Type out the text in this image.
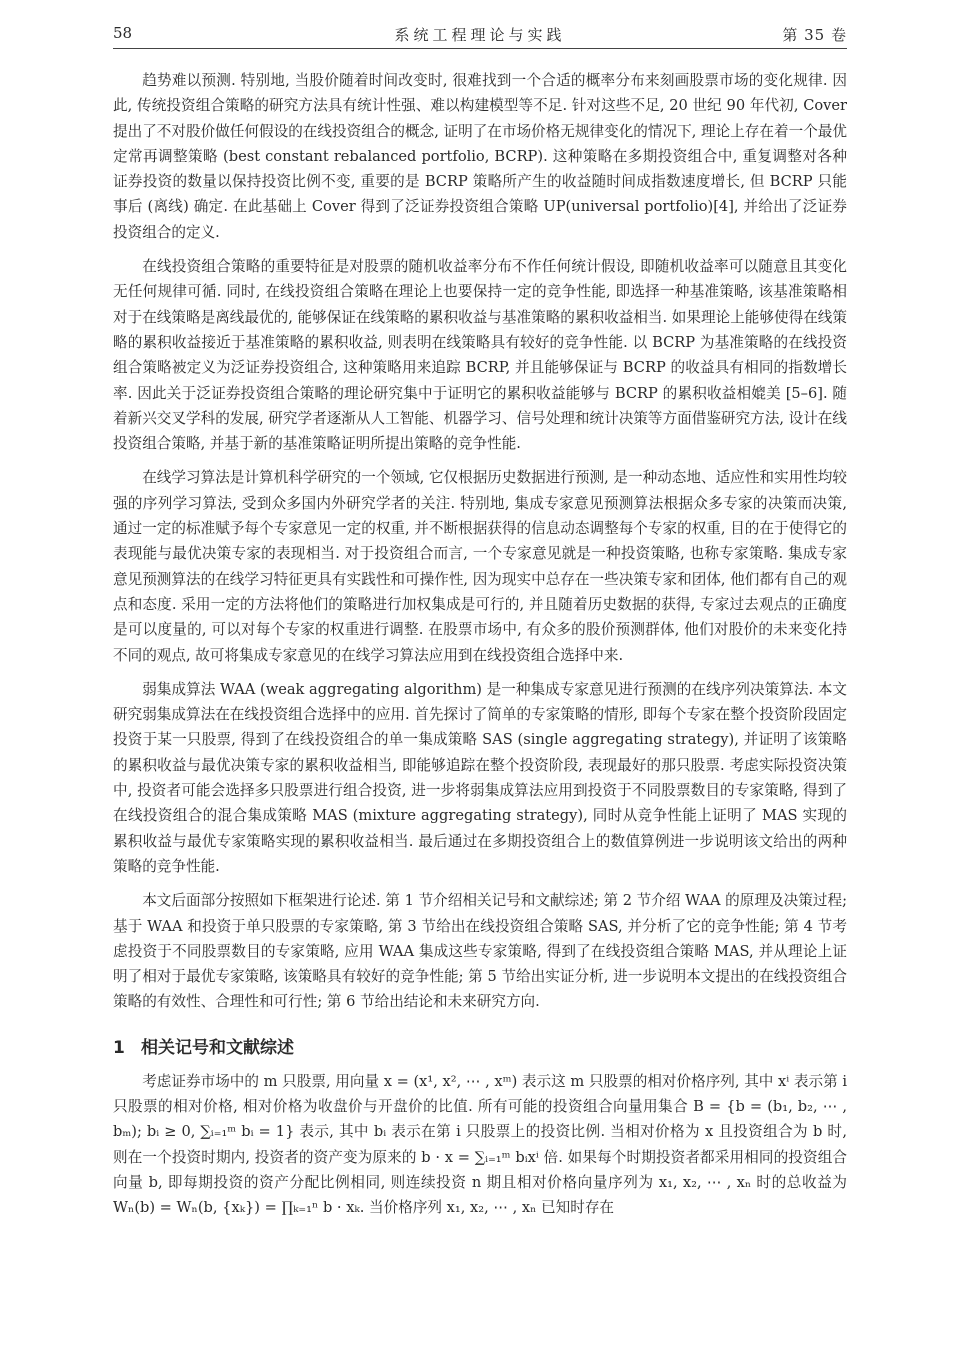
58	系统工程理论与实践	第 35 卷

趋势难以预测. 特别地, 当股价随着时间改变时, 很难找到一个合适的概率分布来刻画股票市场的变化规律. 因此, 传统投资组合策略的研究方法具有统计性强、难以构建模型等不足. 针对这些不足, 20 世纪 90 年代初, Cover 提出了不对股价做任何假设的在线投资组合的概念, 证明了在市场价格无规律变化的情况下, 理论上存在着一个最优定常再调整策略 (best constant rebalanced portfolio, BCRP). 这种策略在多期投资组合中, 重复调整对各种证券投资的数量以保持投资比例不变, 重要的是 BCRP 策略所产生的收益随时间成指数速度增长, 但 BCRP 只能事后 (离线) 确定. 在此基础上 Cover 得到了泛证券投资组合策略 UP(universal portfolio)[4], 并给出了泛证券投资组合的定义.

在线投资组合策略的重要特征是对股票的随机收益率分布不作任何统计假设, 即随机收益率可以随意且其变化无任何规律可循. 同时, 在线投资组合策略在理论上也要保持一定的竞争性能, 即选择一种基准策略, 该基准策略相对于在线策略是离线最优的, 能够保证在线策略的累积收益与基准策略的累积收益相当. 如果理论上能够使得在线策略的累积收益接近于基准策略的累积收益, 则表明在线策略具有较好的竞争性能. 以 BCRP 为基准策略的在线投资组合策略被定义为泛证券投资组合, 这种策略用来追踪 BCRP, 并且能够保证与 BCRP 的收益具有相同的指数增长率. 因此关于泛证券投资组合策略的理论研究集中于证明它的累积收益能够与 BCRP 的累积收益相媲美 [5–6]. 随着新兴交叉学科的发展, 研究学者逐渐从人工智能、机器学习、信号处理和统计决策等方面借鉴研究方法, 设计在线投资组合策略, 并基于新的基准策略证明所提出策略的竞争性能.

在线学习算法是计算机科学研究的一个领域, 它仅根据历史数据进行预测, 是一种动态地、适应性和实用性均较强的序列学习算法, 受到众多国内外研究学者的关注. 特别地, 集成专家意见预测算法根据众多专家的决策而决策, 通过一定的标准赋予每个专家意见一定的权重, 并不断根据获得的信息动态调整每个专家的权重, 目的在于使得它的表现能与最优决策专家的表现相当. 对于投资组合而言, 一个专家意见就是一种投资策略, 也称专家策略. 集成专家意见预测算法的在线学习特征更具有实践性和可操作性, 因为现实中总存在一些决策专家和团体, 他们都有自己的观点和态度. 采用一定的方法将他们的策略进行加权集成是可行的, 并且随着历史数据的获得, 专家过去观点的正确度是可以度量的, 可以对每个专家的权重进行调整. 在股票市场中, 有众多的股价预测群体, 他们对股价的未来变化持不同的观点, 故可将集成专家意见的在线学习算法应用到在线投资组合选择中来.

弱集成算法 WAA (weak aggregating algorithm) 是一种集成专家意见进行预测的在线序列决策算法. 本文研究弱集成算法在在线投资组合选择中的应用. 首先探讨了简单的专家策略的情形, 即每个专家在整个投资阶段固定投资于某一只股票, 得到了在线投资组合的单一集成策略 SAS (single aggregating strategy), 并证明了该策略的累积收益与最优决策专家的累积收益相当, 即能够追踪在整个投资阶段, 表现最好的那只股票. 考虑实际投资决策中, 投资者可能会选择多只股票进行组合投资, 进一步将弱集成算法应用到投资于不同股票数目的专家策略, 得到了在线投资组合的混合集成策略 MAS (mixture aggregating strategy), 同时从竞争性能上证明了 MAS 实现的累积收益与最优专家策略实现的累积收益相当. 最后通过在多期投资组合上的数值算例进一步说明该文给出的两种策略的竞争性能.

本文后面部分按照如下框架进行论述. 第 1 节介绍相关记号和文献综述; 第 2 节介绍 WAA 的原理及决策过程; 基于 WAA 和投资于单只股票的专家策略, 第 3 节给出在线投资组合策略 SAS, 并分析了它的竞争性能; 第 4 节考虑投资于不同股票数目的专家策略, 应用 WAA 集成这些专家策略, 得到了在线投资组合策略 MAS, 并从理论上证明了相对于最优专家策略, 该策略具有较好的竞争性能; 第 5 节给出实证分析, 进一步说明本文提出的在线投资组合策略的有效性、合理性和可行性; 第 6 节给出结论和未来研究方向.

1 相关记号和文献综述

考虑证券市场中的 m 只股票, 用向量 x = (x¹, x², ⋯ , xᵐ) 表示这 m 只股票的相对价格序列, 其中 xⁱ 表示第 i 只股票的相对价格, 相对价格为收盘价与开盘价的比值. 所有可能的投资组合向量用集合 B = {b = (b₁, b₂, ⋯ , bₘ); bᵢ ≥ 0, ∑ᵢ₌₁ᵐ bᵢ = 1} 表示, 其中 bᵢ 表示在第 i 只股票上的投资比例. 当相对价格为 x 且投资组合为 b 时, 则在一个投资时期内, 投资者的资产变为原来的 b · x = ∑ᵢ₌₁ᵐ bᵢxⁱ 倍. 如果每个时期投资者都采用相同的投资组合向量 b, 即每期投资的资产分配比例相同, 则连续投资 n 期且相对价格向量序列为 x₁, x₂, ⋯ , xₙ 时的总收益为 Wₙ(b) = Wₙ(b, {xₖ}) = ∏ₖ₌₁ⁿ b · xₖ. 当价格序列 x₁, x₂, ⋯ , xₙ 已知时存在
